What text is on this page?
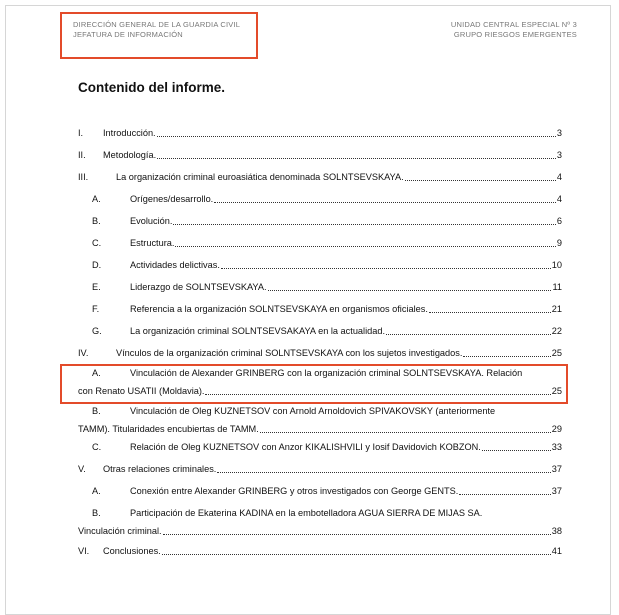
DIRECCIÓN GENERAL DE LA GUARDIA CIVIL
JEFATURA DE INFORMACIÓN
UNIDAD CENTRAL ESPECIAL Nº 3
GRUPO RIESGOS EMERGENTES
Contenido del informe.
I.	Introducción.	3
II.	Metodología.	3
III.	La organización criminal euroasiática denominada SOLNTSEVSKAYA.	4
A.	Orígenes/desarrollo.	4
B.	Evolución.	6
C.	Estructura.	9
D.	Actividades delictivas.	10
E.	Liderazgo de SOLNTSEVSKAYA.	11
F.	Referencia a la organización SOLNTSEVSKAYA en organismos oficiales.	21
G.	La organización criminal SOLNTSEVSAKAYA en la actualidad.	22
IV.	Vínculos de la organización criminal SOLNTSEVSKAYA con los sujetos investigados.	25
A.	Vinculación de Alexander GRINBERG con la organización criminal SOLNTSEVSKAYA. Relación
con Renato USATII (Moldavia).	25
B.	Vinculación de Oleg KUZNETSOV con Arnold Arnoldovich SPIVAKOVSKY (anteriormente
TAMM). Titularidades encubiertas de TAMM.	29
C.	Relación de Oleg KUZNETSOV con Anzor KIKALISHVILI y Iosif Davidovich KOBZON.	33
V.	Otras relaciones criminales.	37
A.	Conexión entre Alexander GRINBERG y otros investigados con George GENTS.	37
B.	Participación de Ekaterina KADINA en la embotelladora AGUA SIERRA DE MIJAS SA.
Vinculación criminal.	38
VI.	Conclusiones.	41
